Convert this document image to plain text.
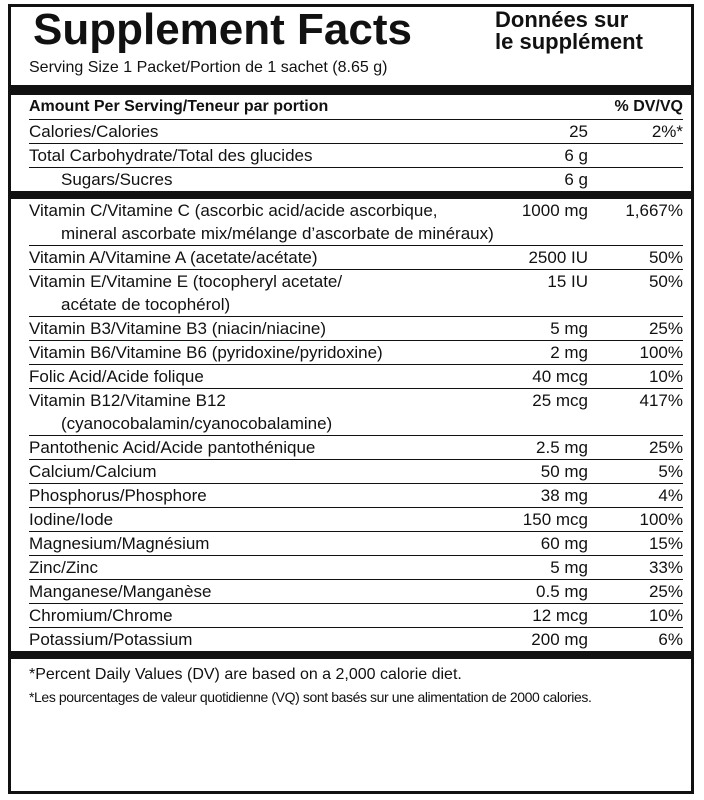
Supplement Facts	Données sur
le supplément
Serving Size 1 Packet/Portion de 1 sachet (8.65 g)
Amount Per Serving/Teneur par portion	% DV/VQ
Calories/Calories	25	2%*
Total Carbohydrate/Total des glucides	6 g
Sugars/Sucres	6 g
Vitamin C/Vitamine C (ascorbic acid/acide ascorbique,
mineral ascorbate mix/mélange d’ascorbate de minéraux)
1000 mg 1,667%
Vitamin A/Vitamine A (acetate/acétate)	2500 IU	50%
Vitamin E/Vitamine E (tocopheryl acetate/
acétate de tocophérol)
15 IU	50%
Vitamin B3/Vitamine B3 (niacin/niacine)	5 mg	25%
Vitamin B6/Vitamine B6 (pyridoxine/pyridoxine)	2 mg	100%
Folic Acid/Acide folique	40 mcg	10%
Vitamin B12/Vitamine B12
(cyanocobalamin/cyanocobalamine)
25 mcg	417%
Pantothenic Acid/Acide pantothénique	2.5 mg	25%
Calcium/Calcium	50 mg	5%
Phosphorus/Phosphore	38 mg	4%
Iodine/Iode	150 mcg	100%
Magnesium/Magnésium	60 mg	15%
Zinc/Zinc	5 mg	33%
Manganese/Manganèse	0.5 mg	25%
Chromium/Chrome	12 mcg	10%
Potassium/Potassium	200 mg	6%
*Percent Daily Values (DV) are based on a 2,000 calorie diet.
*Les pourcentages de valeur quotidienne (VQ) sont basés sur une alimentation de 2000 calories.
